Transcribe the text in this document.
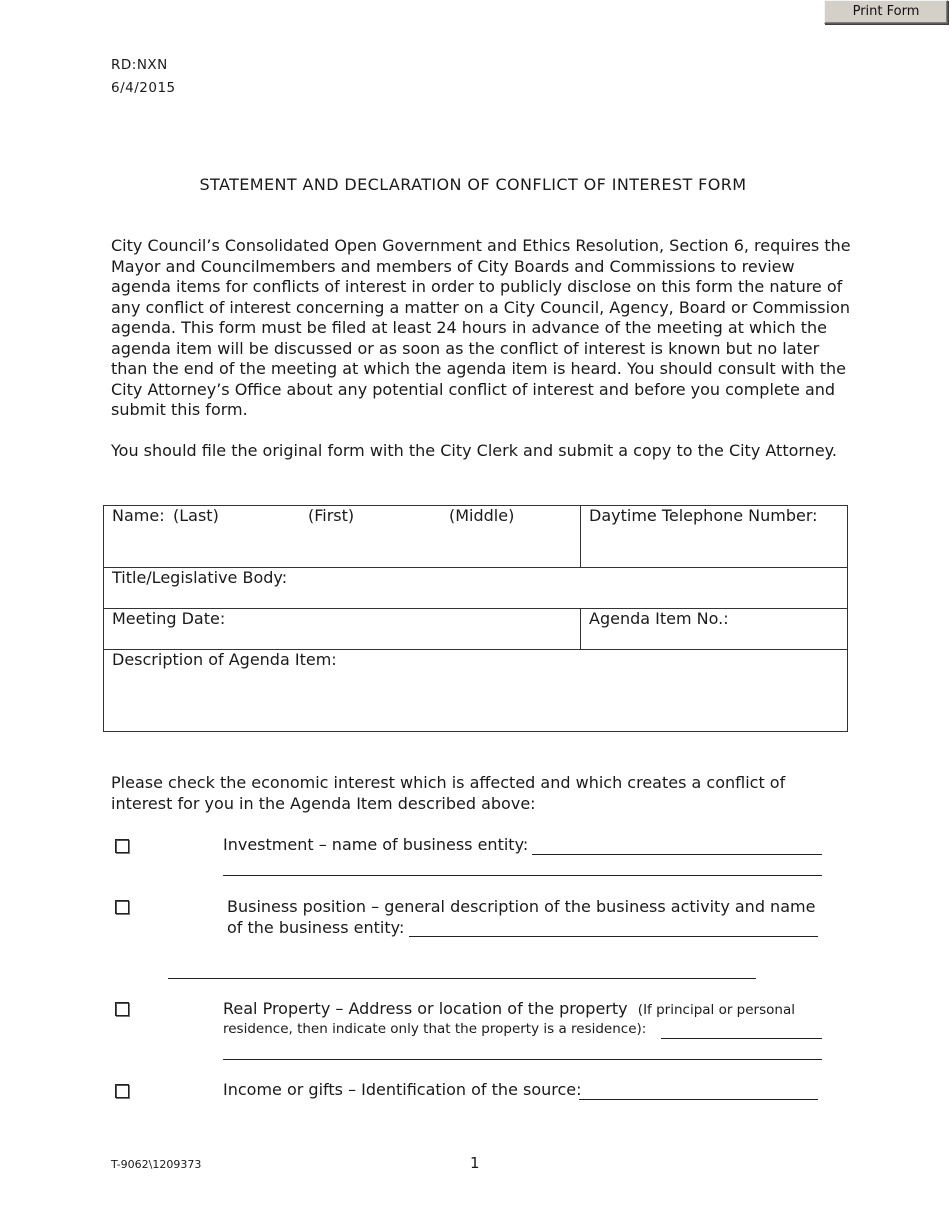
Print Form
RD:NXN
6/4/2015
STATEMENT AND DECLARATION OF CONFLICT OF INTEREST FORM
City Council’s Consolidated Open Government and Ethics Resolution, Section 6, requires the Mayor and Councilmembers and members of City Boards and Commissions to review agenda items for conflicts of interest in order to publicly disclose on this form the nature of any conflict of interest concerning a matter on a City Council, Agency, Board or Commission agenda. This form must be filed at least 24 hours in advance of the meeting at which the agenda item will be discussed or as soon as the conflict of interest is known but no later than the end of the meeting at which the agenda item is heard. You should consult with the City Attorney’s Office about any potential conflict of interest and before you complete and submit this form.
You should file the original form with the City Clerk and submit a copy to the City Attorney.
Name: (Last) (First) (Middle)	Daytime Telephone Number:
Title/Legislative Body:	
Meeting Date:	Agenda Item No.:
Description of Agenda Item:	
Please check the economic interest which is affected and which creates a conflict of interest for you in the Agenda Item described above:
Investment – name of business entity:
Business position – general description of the business activity and name
of the business entity:
Real Property – Address or location of the property (If principal or personal
residence, then indicate only that the property is a residence):
Income or gifts – Identification of the source:
T-9062\1209373	1
